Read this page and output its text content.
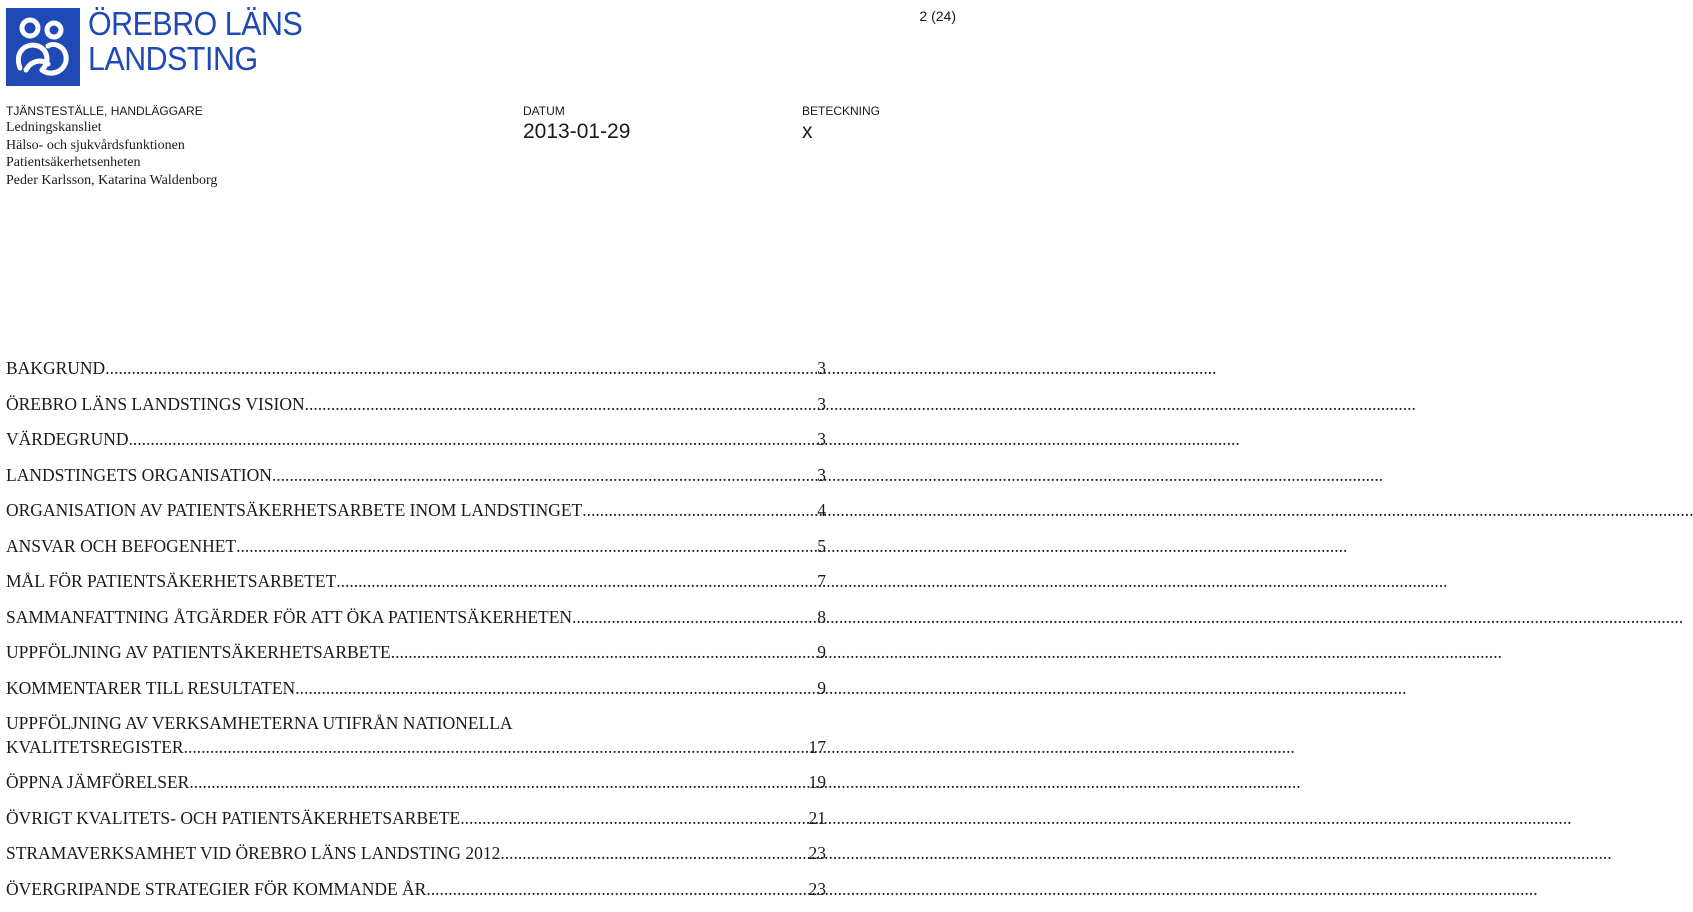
ÖREBRO LÄNS
LANDSTING
2 (24)
TJÄNSTESTÄLLE, HANDLÄGGARE	DATUM	BETECKNING
Ledningskansliet
Hälso- och sjukvårdsfunktionen
Patientsäkerhetsenheten
Peder Karlsson, Katarina Waldenborg
2013-01-29	x
BAKGRUND .....	3
ÖREBRO LÄNS LANDSTINGS VISION .....	3
VÄRDEGRUND .....	3
LANDSTINGETS ORGANISATION .....	3
ORGANISATION AV PATIENTSÄKERHETSARBETE INOM LANDSTINGET .....	4
ANSVAR OCH BEFOGENHET .....	5
MÅL FÖR PATIENTSÄKERHETSARBETET .....	7
SAMMANFATTNING ÅTGÄRDER FÖR ATT ÖKA PATIENTSÄKERHETEN .....	8
UPPFÖLJNING AV PATIENTSÄKERHETSARBETE .....	9
KOMMENTARER TILL RESULTATEN .....	9
UPPFÖLJNING AV VERKSAMHETERNA UTIFRÅN NATIONELLA
KVALITETSREGISTER .....	17
ÖPPNA JÄMFÖRELSER .....	19
ÖVRIGT KVALITETS- OCH PATIENTSÄKERHETSARBETE .....	21
STRAMAVERKSAMHET VID ÖREBRO LÄNS LANDSTING 2012 .....	23
ÖVERGRIPANDE STRATEGIER FÖR KOMMANDE ÅR .....	23
